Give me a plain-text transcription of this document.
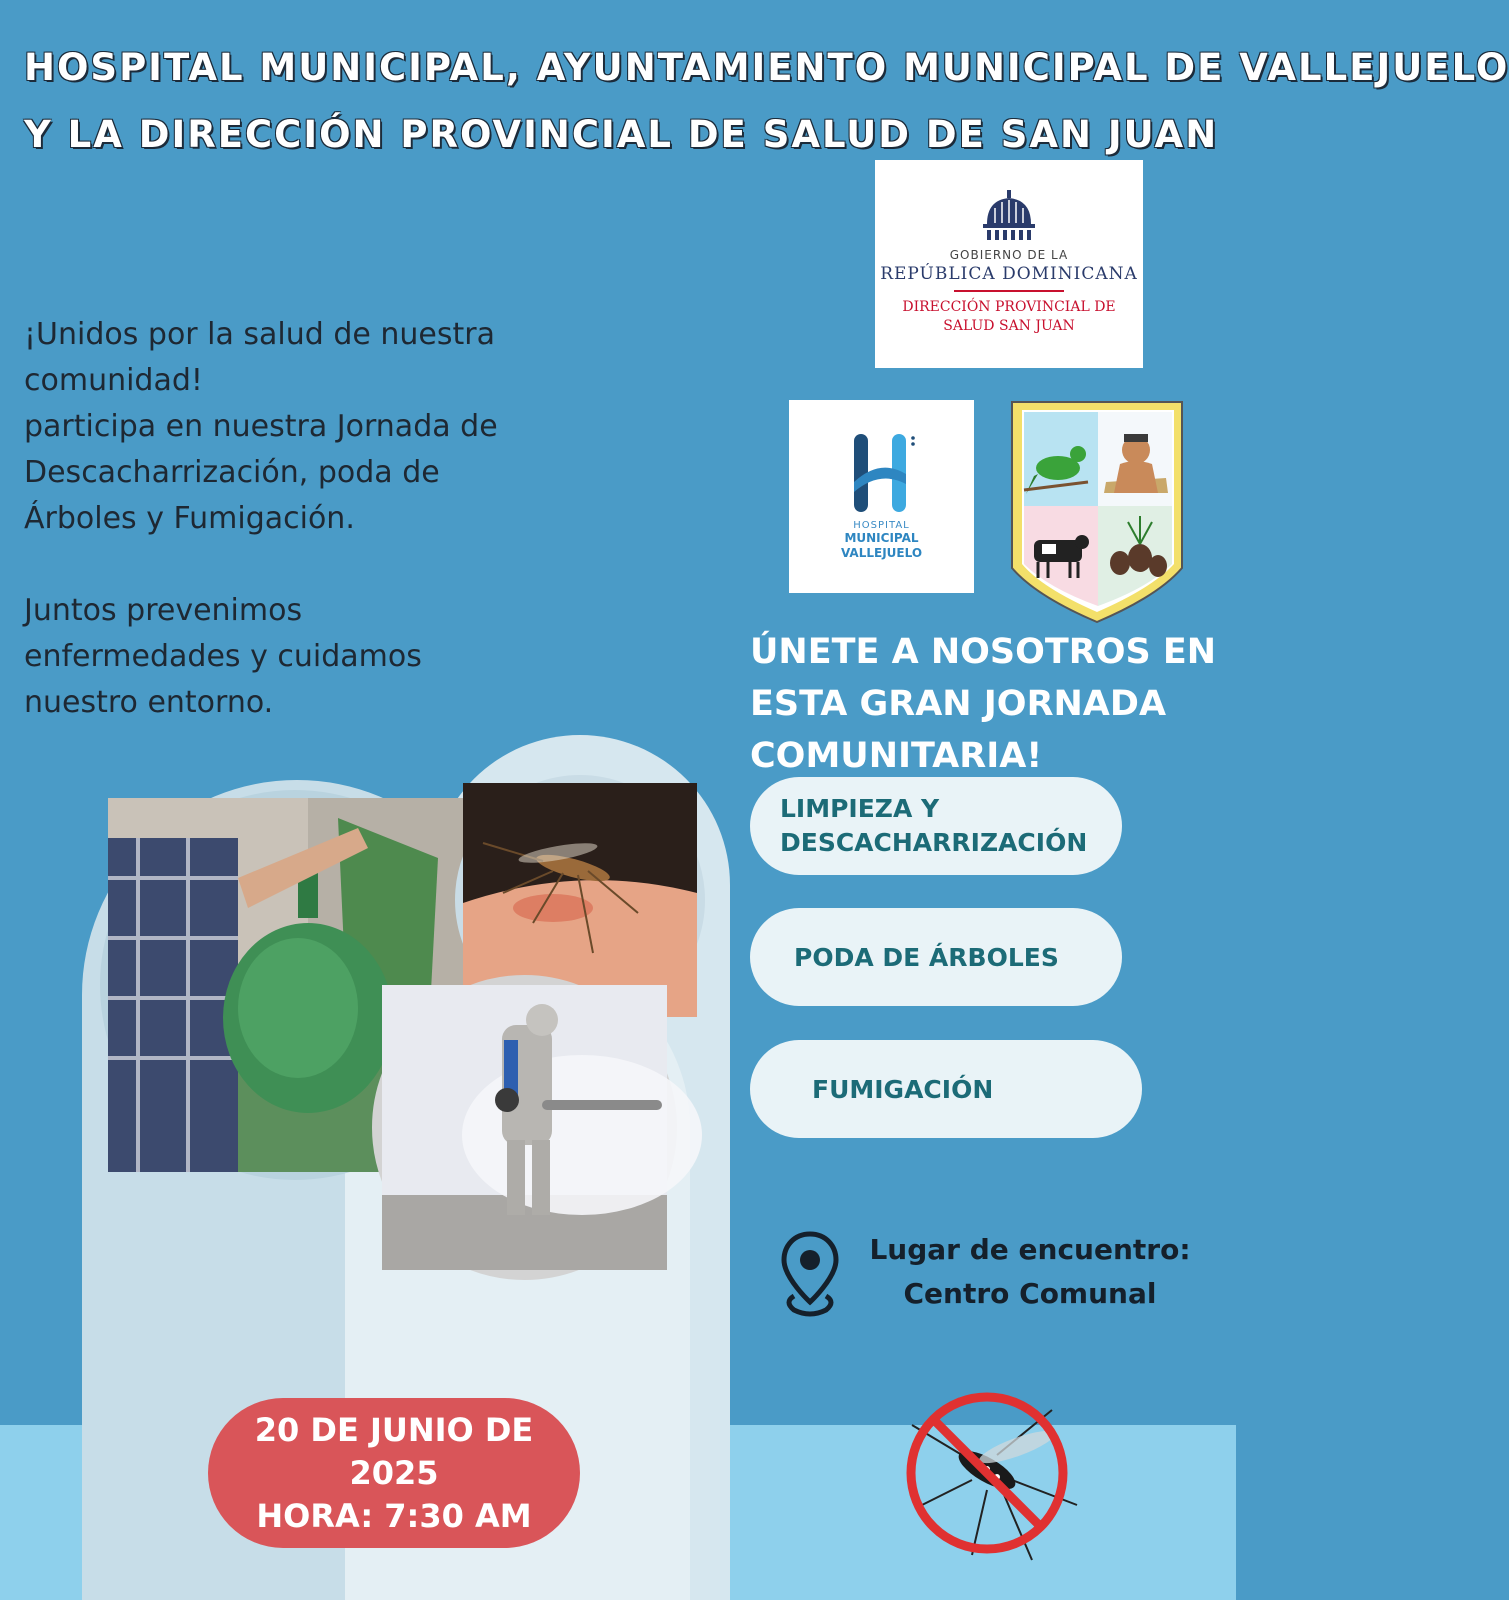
HOSPITAL MUNICIPAL, AYUNTAMIENTO MUNICIPAL DE VALLEJUELO
Y LA DIRECCIÓN PROVINCIAL DE SALUD DE SAN JUAN
GOBIERNO DE LA
REPÚBLICA DOMINICANA
DIRECCIÓN PROVINCIAL DE
SALUD SAN JUAN
HOSPITAL
MUNICIPAL
VALLEJUELO

¡Unidos por la salud de nuestra

comunidad!

participa en nuestra Jornada de

Descacharrización, poda de

Árboles y Fumigación.

Juntos prevenimos

enfermedades y cuidamos

nuestro entorno.

ÚNETE A NOSOTROS EN
ESTA GRAN JORNADA
COMUNITARIA!
LIMPIEZA Y
DESCACHARRIZACIÓN
PODA DE ÁRBOLES
FUMIGACIÓN
Lugar de encuentro:
Centro Comunal
20 DE JUNIO DE
2025
HORA: 7:30 AM
